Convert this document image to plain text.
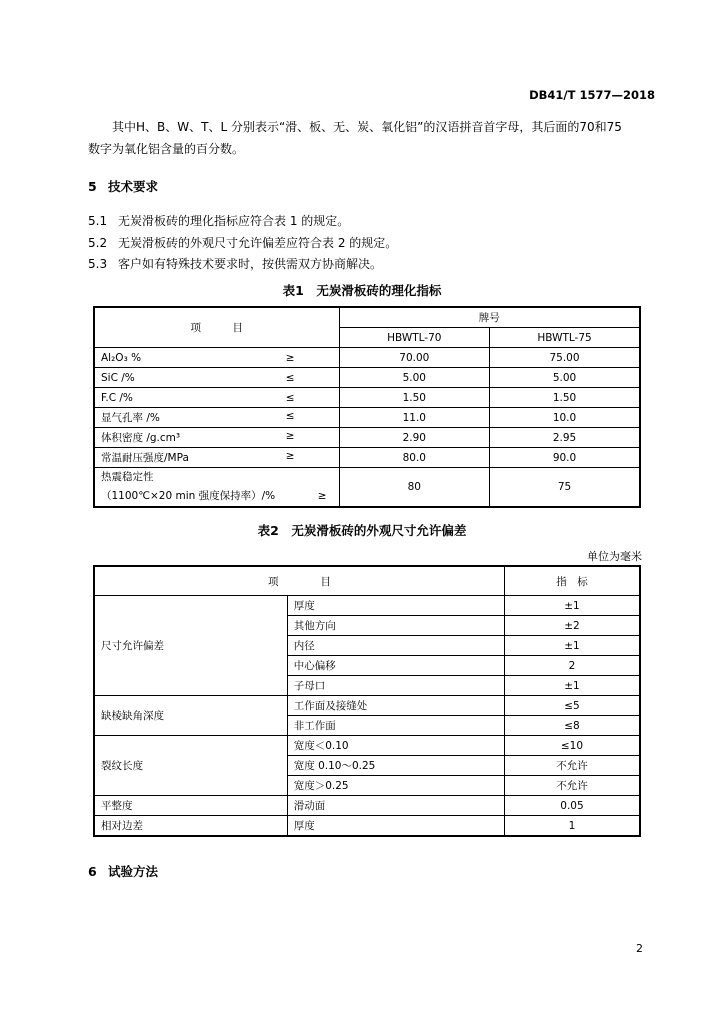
DB41/T 1577—2018
其中H、B、W、T、L 分别表示“滑、板、无、炭、氧化铝”的汉语拼音首字母，其后面的70和75
数字为氧化铝含量的百分数。
5 技术要求
5.1 无炭滑板砖的理化指标应符合表 1 的规定。
5.2 无炭滑板砖的外观尺寸允许偏差应符合表 2 的规定。
5.3 客户如有特殊技术要求时，按供需双方协商解决。
表1　无炭滑板砖的理化指标
项　　　目	牌号	
	HBWTL-70	HBWTL-75
Al₂O₃ % ≥	70.00	75.00
SiC /% ≤	5.00	5.00
F.C /% ≤	1.50	1.50
显气孔率 /% ≤	11.0	10.0
体积密度 /g.cm³ ≥	2.90	2.95
常温耐压强度/MPa ≥	80.0	90.0
热震稳定性
（1100℃×20 min 强度保持率）/% ≥	80	75
表2　无炭滑板砖的外观尺寸允许偏差
单位为毫米
项　　　　目		指　标
尺寸允许偏差	厚度	±1
	其他方向	±2
	内径	±1
	中心偏移	2
	子母口	±1
缺棱缺角深度	工作面及接缝处	≤5
	非工作面	≤8
裂纹长度	宽度＜0.10	≤10
	宽度 0.10～0.25	不允许
	宽度＞0.25	不允许
平整度	滑动面	0.05
相对边差	厚度	1
6 试验方法
2
